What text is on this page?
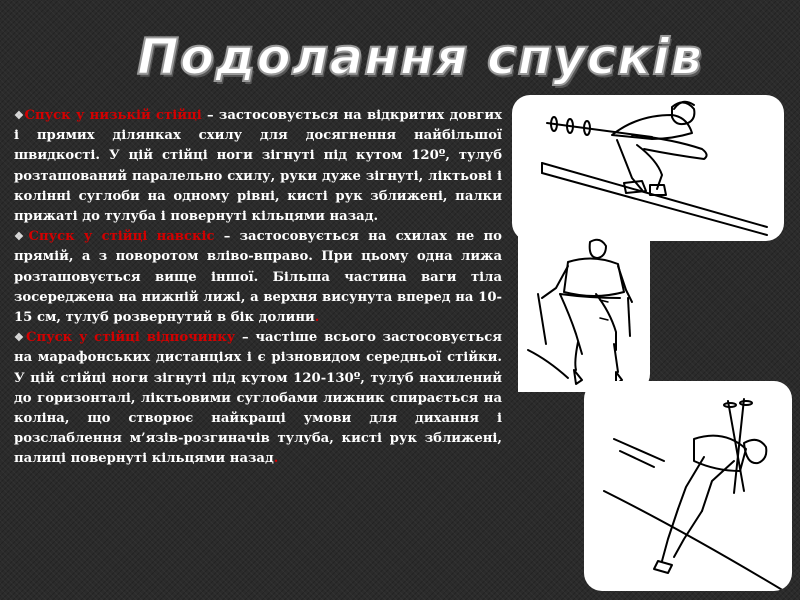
Подолання спусків

❖Спуск у низькій стійці – застосовується на відкритих довгих і прямих ділянках схилу для досягнення найбільшої швидкості. У цій стійці ноги зігнуті під кутом 120º, тулуб розташований паралельно схилу, руки дуже зігнуті, ліктьові і колінні суглоби на одному рівні, кисті рук зближені, палки прижаті до тулуба і повернуті кільцями назад.

❖Спуск у стійці навскіс – застосовується на схилах не по прямій, а з поворотом вліво-вправо. При цьому одна лижа розташовується вище іншої. Більша частина ваги тіла зосереджена на нижній лижі, а верхня висунута вперед на 10-15 см, тулуб розвернутий в бік долини.

❖Спуск у стійці відпочинку – частіше всього застосовується на марафонських дистанціях і є різновидом середньої стійки. У цій стійці ноги зігнуті під кутом 120-130º, тулуб нахилений до горизонталі, ліктьовими суглобами лижник спирається на коліна, що створює найкращі умови для дихання і розслаблення м’язів-розгиначів тулуба, кисті рук зближені, палиці повернуті кільцями назад.
